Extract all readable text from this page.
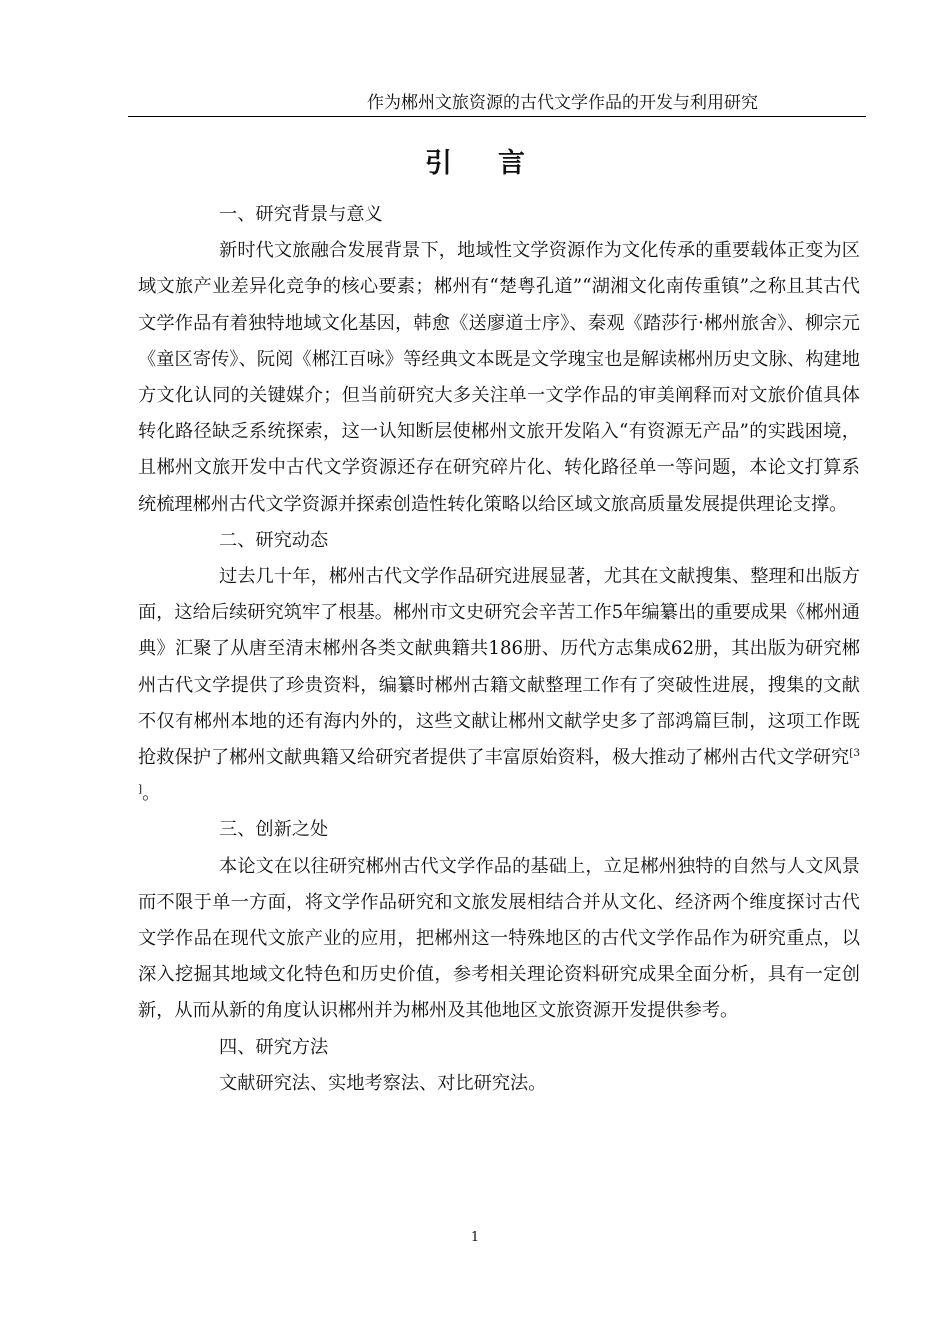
作为郴州文旅资源的古代文学作品的开发与利用研究
引言

一、研究背景与意义

新时代文旅融合发展背景下，地域性文学资源作为文化传承的重要载体正变为区域文旅产业差异化竞争的核心要素；郴州有“楚粤孔道”“湖湘文化南传重镇”之称且其古代文学作品有着独特地域文化基因，韩愈《送廖道士序》、秦观《踏莎行·郴州旅舍》、柳宗元《童区寄传》、阮阅《郴江百咏》等经典文本既是文学瑰宝也是解读郴州历史文脉、构建地方文化认同的关键媒介；但当前研究大多关注单一文学作品的审美阐释而对文旅价值具体转化路径缺乏系统探索，这一认知断层使郴州文旅开发陷入“有资源无产品”的实践困境，且郴州文旅开发中古代文学资源还存在研究碎片化、转化路径单一等问题，本论文打算系统梳理郴州古代文学资源并探索创造性转化策略以给区域文旅高质量发展提供理论支撑。

二、研究动态

过去几十年，郴州古代文学作品研究进展显著，尤其在文献搜集、整理和出版方面，这给后续研究筑牢了根基。郴州市文史研究会辛苦工作5年编纂出的重要成果《郴州通典》汇聚了从唐至清末郴州各类文献典籍共186册、历代方志集成62册，其出版为研究郴州古代文学提供了珍贵资料，编纂时郴州古籍文献整理工作有了突破性进展，搜集的文献不仅有郴州本地的还有海内外的，这些文献让郴州文献学史多了部鸿篇巨制，这项工作既抢救保护了郴州文献典籍又给研究者提供了丰富原始资料，极大推动了郴州古代文学研究[3]。

三、创新之处

本论文在以往研究郴州古代文学作品的基础上，立足郴州独特的自然与人文风景而不限于单一方面，将文学作品研究和文旅发展相结合并从文化、经济两个维度探讨古代文学作品在现代文旅产业的应用，把郴州这一特殊地区的古代文学作品作为研究重点，以深入挖掘其地域文化特色和历史价值，参考相关理论资料研究成果全面分析，具有一定创新，从而从新的角度认识郴州并为郴州及其他地区文旅资源开发提供参考。

四、研究方法

文献研究法、实地考察法、对比研究法。

1
